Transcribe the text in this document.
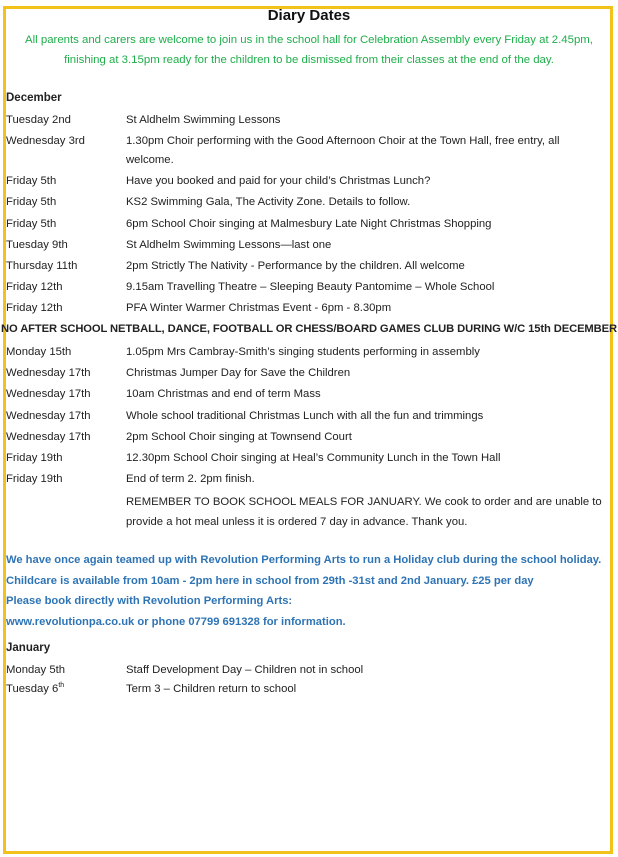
Diary Dates
All parents and carers are welcome to join us in the school hall for Celebration Assembly every Friday at 2.45pm,
finishing at 3.15pm ready for the children to be dismissed from their classes at the end of the day.
December
Tuesday 2nd	St Aldhelm Swimming Lessons
Wednesday 3rd	1.30pm Choir performing with the Good Afternoon Choir at the Town Hall, free entry, all
welcome.
Friday 5th	Have you booked and paid for your child’s Christmas Lunch?
Friday 5th	KS2 Swimming Gala, The Activity Zone. Details to follow.
Friday 5th	6pm School Choir singing at Malmesbury Late Night Christmas Shopping
Tuesday 9th	St Aldhelm Swimming Lessons—last one
Thursday 11th	2pm Strictly The Nativity - Performance by the children. All welcome
Friday 12th	9.15am Travelling Theatre – Sleeping Beauty Pantomime – Whole School
Friday 12th	PFA Winter Warmer Christmas Event - 6pm - 8.30pm
NO AFTER SCHOOL NETBALL, DANCE, FOOTBALL OR CHESS/BOARD GAMES CLUB DURING W/C 15th DECEMBER
Monday 15th	1.05pm Mrs Cambray-Smith’s singing students performing in assembly
Wednesday 17th	Christmas Jumper Day for Save the Children
Wednesday 17th	10am Christmas and end of term Mass
Wednesday 17th	Whole school traditional Christmas Lunch with all the fun and trimmings
Wednesday 17th	2pm School Choir singing at Townsend Court
Friday 19th	12.30pm School Choir singing at Heal’s Community Lunch in the Town Hall
Friday 19th	End of term 2. 2pm finish.
REMEMBER TO BOOK SCHOOL MEALS FOR JANUARY. We cook to order and are unable to
provide a hot meal unless it is ordered 7 day in advance. Thank you.
We have once again teamed up with Revolution Performing Arts to run a Holiday club during the school holiday.
Childcare is available from 10am - 2pm here in school from 29th -31st and 2nd January. £25 per day
Please book directly with Revolution Performing Arts:
www.revolutionpa.co.uk or phone 07799 691328 for information.
January
Monday 5th	Staff Development Day – Children not in school
Tuesday 6th	Term 3 – Children return to school
